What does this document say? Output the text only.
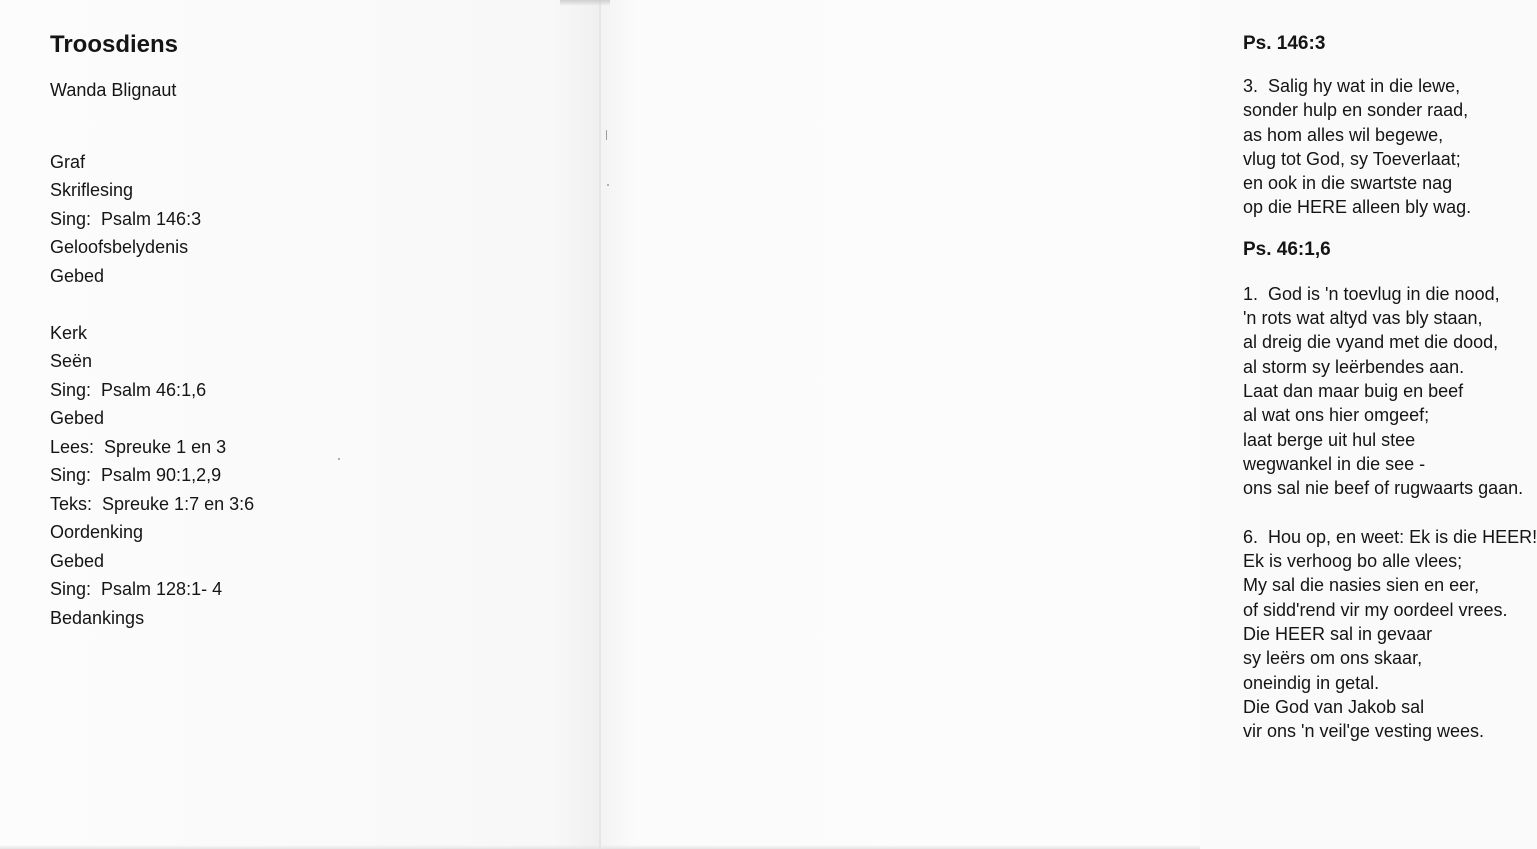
Troosdiens
Wanda Blignaut
Graf
Skriflesing
Sing:  Psalm 146:3
Geloofsbelydenis
Gebed
Kerk
Seën
Sing:  Psalm 46:1,6
Gebed
Lees:  Spreuke 1 en 3
Sing:  Psalm 90:1,2,9
Teks:  Spreuke 1:7 en 3:6
Oordenking
Gebed
Sing:  Psalm 128:1- 4
Bedankings
Ps. 146:3
3.  Salig hy wat in die lewe,
sonder hulp en sonder raad,
as hom alles wil begewe,
vlug tot God, sy Toeverlaat;
en ook in die swartste nag
op die HERE alleen bly wag.
Ps. 46:1,6
1.  God is 'n toevlug in die nood,
'n rots wat altyd vas bly staan,
al dreig die vyand met die dood,
al storm sy leërbendes aan.
Laat dan maar buig en beef
al wat ons hier omgeef;
laat berge uit hul stee
wegwankel in die see -
ons sal nie beef of rugwaarts gaan.
6.  Hou op, en weet: Ek is die HEER!
Ek is verhoog bo alle vlees;
My sal die nasies sien en eer,
of sidd'rend vir my oordeel vrees.
Die HEER sal in gevaar
sy leërs om ons skaar,
oneindig in getal.
Die God van Jakob sal
vir ons 'n veil'ge vesting wees.
